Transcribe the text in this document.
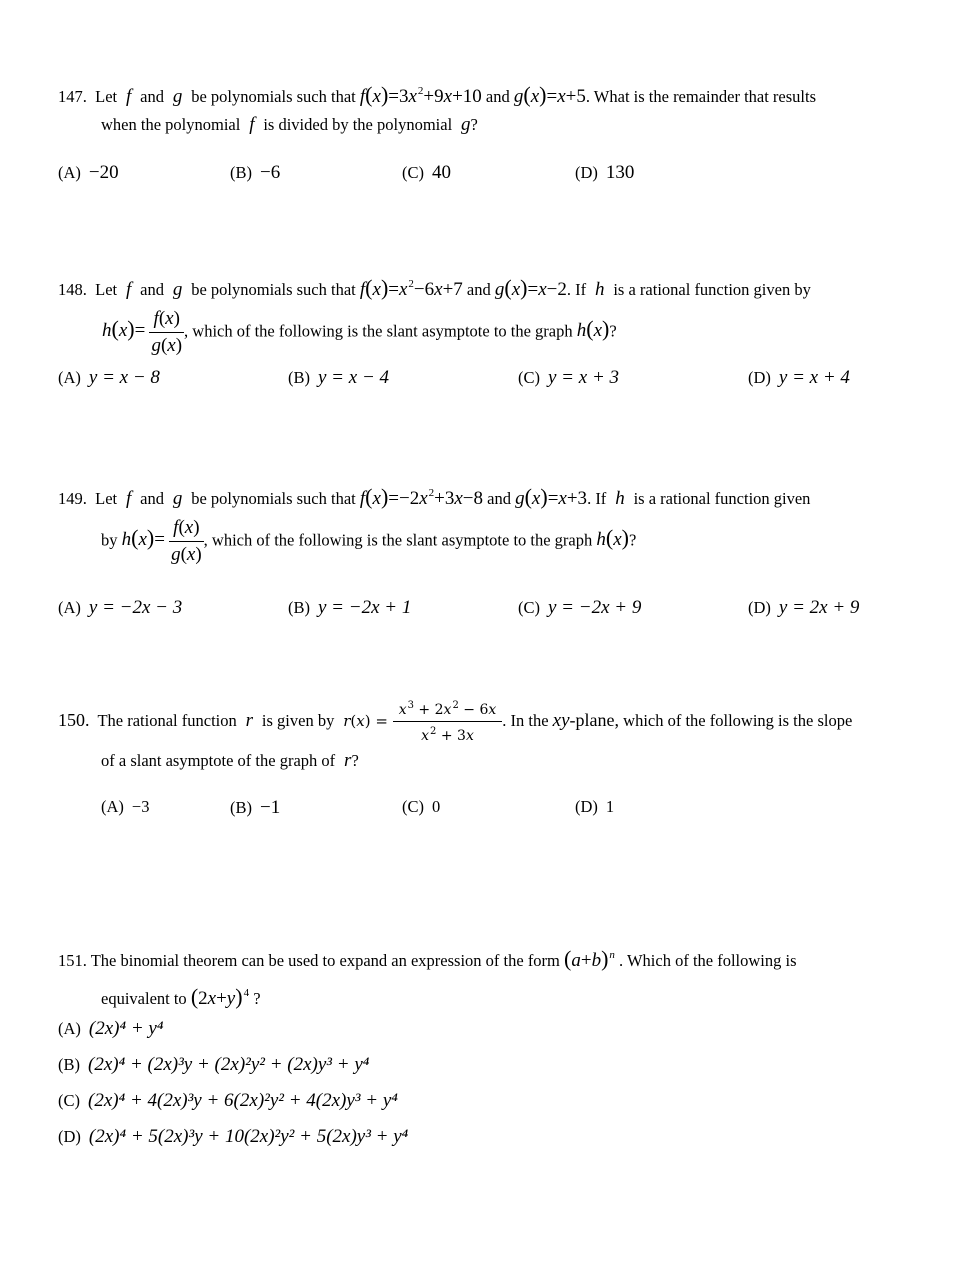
147. Let  f  and  g  be polynomials such that $f(x)=3x^2+9x+10$ and g(x)=x+5. What is the remainder that results
when the polynomial  f  is divided by the polynomial  g?
(A) −20	(B) −6	(C) 40	(D) 130
148. Let  f  and  g  be polynomials such that $f(x)=x^2-6x+7$ and g(x)=x−2. If  h  is a rational function given by
$h(x)= \frac{f(x)}{g(x)}$ , which of the following is the slant asymptote to the graph h(x)?
(A) y = x − 8	(B) y = x − 4	(C) y = x + 3	(D) y = x + 4
149. Let  f  and  g  be polynomials such that $f(x)=-2x^2+3x-8$ and g(x)=x+3. If  h  is a rational function given
by $h(x)= \frac{f(x)}{g(x)}$ , which of the following is the slant asymptote to the graph h(x)?
(A) y = −2x − 3	(B) y = −2x + 1	(C) y = −2x + 9	(D) y = 2x + 9
150. The rational function  r  is given by  $r(x) = \frac{x^3 + 2x^2 - 6x}{x^2 + 3x}$ . In the xy-plane, which of the following is the slope
of a slant asymptote of the graph of  r?
(A) −3	(B) −1	(C) 0	(D) 1
151. The binomial theorem can be used to expand an expression of the form $(a+b)^n$ . Which of the following is
equivalent to $(2x+y)^4$ ?
(A) (2x)⁴ + y⁴
(B) (2x)⁴ + (2x)³y + (2x)²y² + (2x)y³ + y⁴
(C) (2x)⁴ + 4(2x)³y + 6(2x)²y² + 4(2x)y³ + y⁴
(D) (2x)⁴ + 5(2x)³y + 10(2x)²y² + 5(2x)y³ + y⁴
